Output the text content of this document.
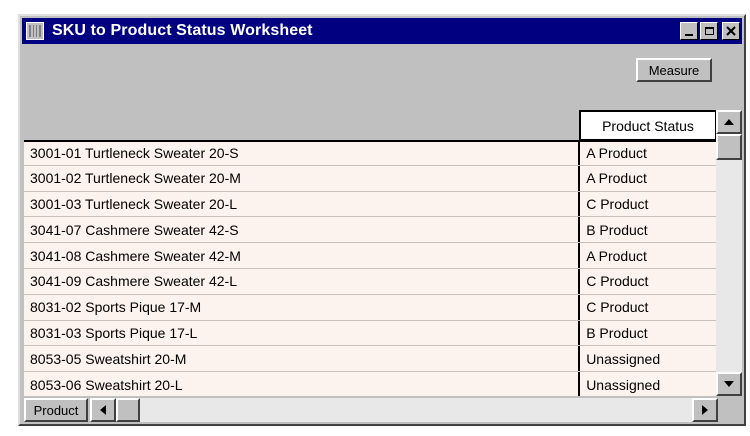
SKU to Product Status Worksheet
Measure
Product Status
3001-01 Turtleneck Sweater 20-S	A Product
3001-02 Turtleneck Sweater 20-M	A Product
3001-03 Turtleneck Sweater 20-L	C Product
3041-07 Cashmere Sweater 42-S	B Product
3041-08 Cashmere Sweater 42-M	A Product
3041-09 Cashmere Sweater 42-L	C Product
8031-02 Sports Pique 17-M	C Product
8031-03 Sports Pique 17-L	B Product
8053-05 Sweatshirt 20-M	Unassigned
8053-06 Sweatshirt 20-L	Unassigned
Product
